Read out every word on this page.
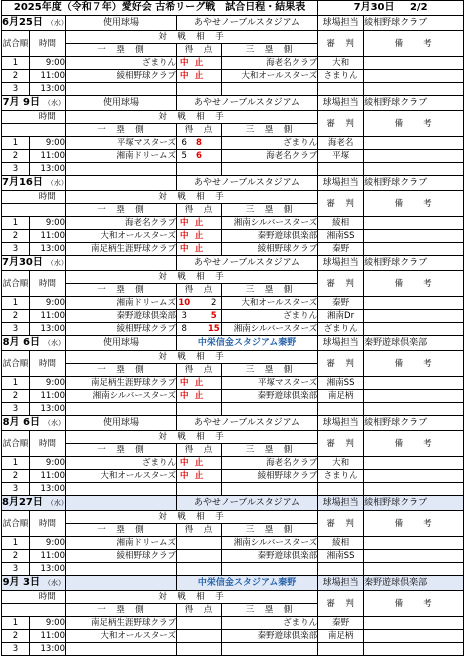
2025年度（令和７年）愛好会 古希リーグ戦　試合日程・結果表							7月30日 2/2	
6月25日 （水）		使用球場	あやせノーブルスタジアム				球場担当	綾相野球クラブ
試合順	時間	対　戦　相　手					審　判	備　　考
		一　塁　側	得　点			三　塁　側		
1	9:00	ざまりん	中	止		海老名クラブ	大和	
2	11:00	綾相野球クラブ	中	止		大和オールスターズ	さまりん	
3	13:00							
7月 9日 （水）		使用球場	あやせノーブルスタジアム				球場担当	綾相野球クラブ
	時間	対　戦　相　手					審　判	備　　考
		一　塁　側	得　点			三　塁　側		
1	9:00	平塚マスターズ	6	8		ざまりん	海老名	
2	11:00	湘南ドリームズ	5	6		海老名クラブ	平塚	
3	13:00							
7月16日 （水）			あやせノーブルスタジアム				球場担当	綾相野球クラブ
	時間	対　戦　相　手					審　判	備　　考
		一　塁　側	得　点			三　塁　側		
1	9:00	海老名クラブ	中	止		湘南シルバースターズ	綾相	
2	11:00	大和オールスターズ	中	止		秦野遊球倶楽部	湘南SS	
3	13:00	南足柄生涯野球クラブ	中	止		綾相野球クラブ	秦野	
7月30日 （水）			あやせノーブルスタジアム				球場担当	綾相野球クラブ
試合順	時間	対　戦　相　手					審　判	備　　考
		一　塁　側	得　点			三　塁　側		
1	9:00	湘南ドリームズ	10		2	大和オールスターズ	秦野	
2	11:00	秦野遊球倶楽部	3		5	ざまりん	湘南Dr	
3	13:00	綾相野球クラブ	8		15	湘南シルバースターズ	ざまりん	
8月 6日 （水）		使用球場	中栄信金スタジアム秦野				球場担当	秦野遊球倶楽部
試合順	時間	対　戦　相　手					審　判	備　　考
		一　塁　側	得　点			三　塁　側		
1	9:00	南足柄生涯野球クラブ	中	止		平塚マスターズ	湘南SS	
2	11:00	湘南シルバースターズ	中	止		秦野遊球倶楽部	南足柄	
3	13:00							
8月 6日 （水）		使用球場	あやせノーブルスタジアム				球場担当	綾相野球クラブ
試合順	時間	対　戦　相　手					審　判	備　　考
		一　塁　側	得　点			三　塁　側		
1	9:00	ざまりん	中	止		海老名クラブ	大和	
2	11:00	大和オールスターズ	中	止		綾相野球クラブ	さまりん	
3	13:00							
8月27日 （水）			あやせノーブルスタジアム				球場担当	綾相野球クラブ
試合順	時間	対　戦　相　手					審　判	備　　考
		一　塁　側	得　点			三　塁　側		
1	9:00	湘南ドリームズ				湘南シルバースターズ	綾相	
2	11:00	綾相野球クラブ				秦野遊球倶楽部	湘南SS	
3	13:00							
9月 3日 （水）			中栄信金スタジアム秦野				球場担当	秦野遊球倶楽部
	時間	対　戦　相　手					審　判	備　　考
		一　塁　側	得　点			三　塁　側		
1	9:00	南足柄生涯野球クラブ				ざまりん	秦野	
2	11:00	大和オールスターズ				秦野遊球倶楽部	南足柄	
3	13:00							
